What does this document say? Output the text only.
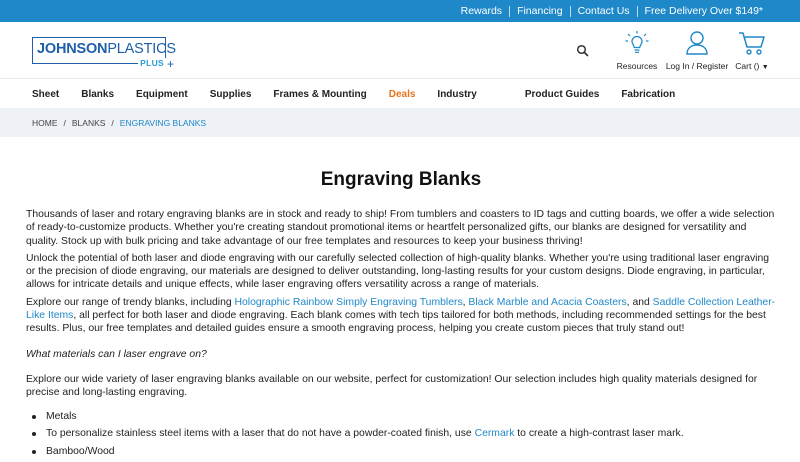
Rewards	Financing	Contact Us	Free Delivery Over $149*
JOHNSONPLASTICS
PLUS +	Resources Log In / Register Cart () ▼
Sheet Blanks Equipment Supplies Frames & Mounting Deals Industry	Product Guides Fabrication
HOME / BLANKS / ENGRAVING BLANKS
Engraving Blanks

Thousands of laser and rotary engraving blanks are in stock and ready to ship! From tumblers and coasters to ID tags and cutting boards, we offer a wide selection of ready-to-customize products. Whether you're creating standout promotional items or heartfelt personalized gifts, our blanks are designed for versatility and quality. Stock up with bulk pricing and take advantage of our free templates and resources to keep your business thriving!

Unlock the potential of both laser and diode engraving with our carefully selected collection of high-quality blanks. Whether you're using traditional laser engraving or the precision of diode engraving, our materials are designed to deliver outstanding, long-lasting results for your custom designs. Diode engraving, in particular, allows for intricate details and unique effects, while laser engraving offers versatility across a range of materials.

Explore our range of trendy blanks, including Holographic Rainbow Simply Engraving Tumblers, Black Marble and Acacia Coasters, and Saddle Collection Leather-Like Items, all perfect for both laser and diode engraving. Each blank comes with tech tips tailored for both methods, including recommended settings for the best results. Plus, our free templates and detailed guides ensure a smooth engraving process, helping you create custom pieces that truly stand out!

What materials can I laser engrave on?

Explore our wide variety of laser engraving blanks available on our website, perfect for customization! Our selection includes high quality materials designed for precise and long-lasting engraving.

Metals
To personalize stainless steel items with a laser that do not have a powder-coated finish, use Cermark to create a high-contrast laser mark.
Bamboo/Wood
